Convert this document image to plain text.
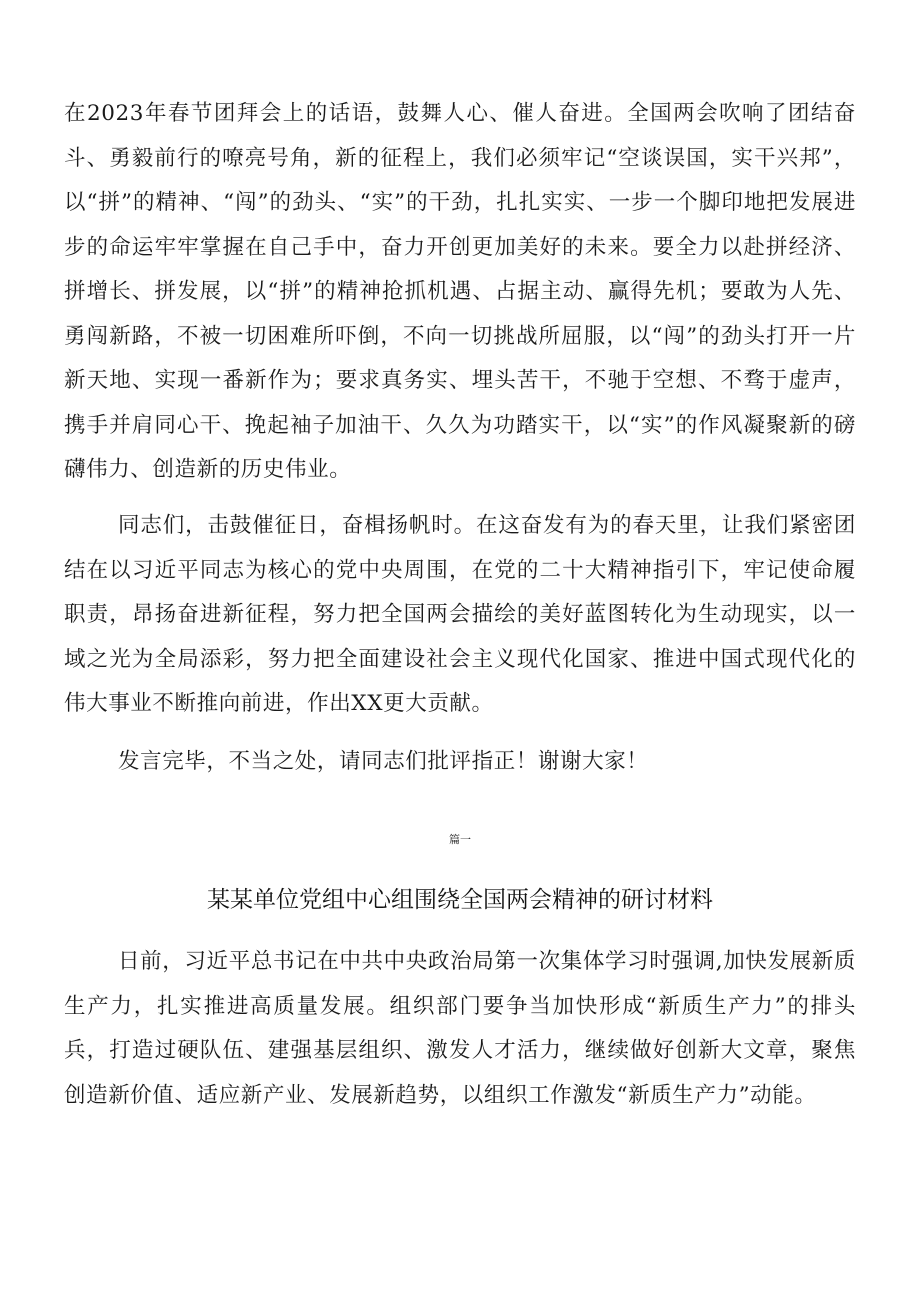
在2023年春节团拜会上的话语，鼓舞人心、催人奋进。全国两会吹响了团结奋斗、勇毅前行的嘹亮号角，新的征程上，我们必须牢记“空谈误国，实干兴邦”，以“拼”的精神、“闯”的劲头、“实”的干劲，扎扎实实、一步一个脚印地把发展进步的命运牢牢掌握在自己手中，奋力开创更加美好的未来。要全力以赴拼经济、拼增长、拼发展，以“拼”的精神抢抓机遇、占据主动、赢得先机；要敢为人先、勇闯新路，不被一切困难所吓倒，不向一切挑战所屈服，以“闯”的劲头打开一片新天地、实现一番新作为；要求真务实、埋头苦干，不驰于空想、不骛于虚声，携手并肩同心干、挽起袖子加油干、久久为功踏实干，以“实”的作风凝聚新的磅礴伟力、创造新的历史伟业。

同志们，击鼓催征日，奋楫扬帆时。在这奋发有为的春天里，让我们紧密团结在以习近平同志为核心的党中央周围，在党的二十大精神指引下，牢记使命履职责，昂扬奋进新征程，努力把全国两会描绘的美好蓝图转化为生动现实，以一域之光为全局添彩，努力把全面建设社会主义现代化国家、推进中国式现代化的伟大事业不断推向前进，作出XX更大贡献。

发言完毕，不当之处，请同志们批评指正！谢谢大家！

篇一
某某单位党组中心组围绕全国两会精神的研讨材料

日前，习近平总书记在中共中央政治局第一次集体学习时强调,加快发展新质生产力，扎实推进高质量发展。组织部门要争当加快形成“新质生产力”的排头兵，打造过硬队伍、建强基层组织、激发人才活力，继续做好创新大文章，聚焦创造新价值、适应新产业、发展新趋势，以组织工作激发“新质生产力”动能。
